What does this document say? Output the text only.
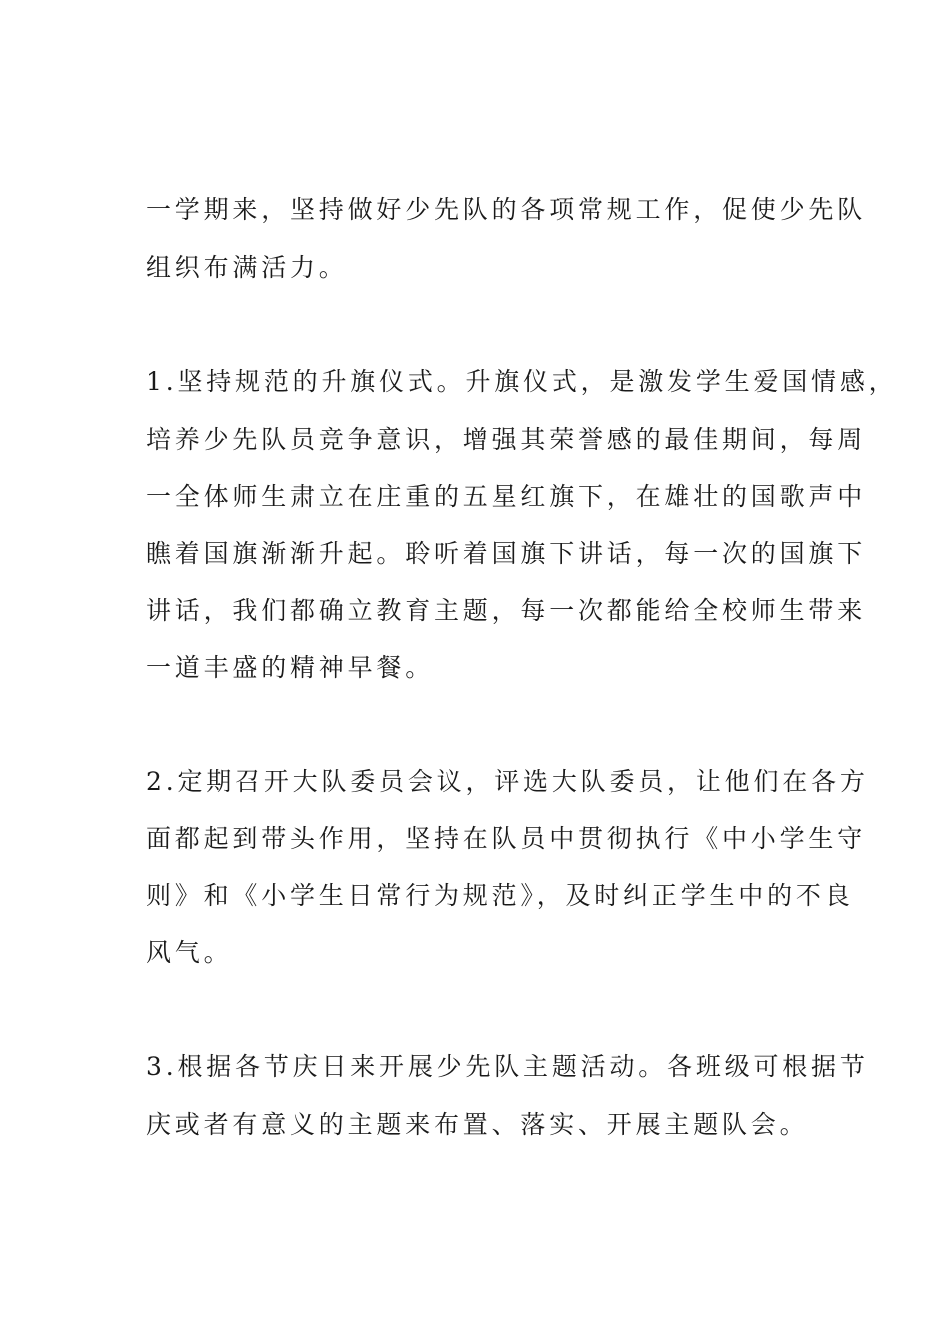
一学期来，坚持做好少先队的各项常规工作，促使少先队

组织布满活力。

1.坚持规范的升旗仪式。升旗仪式，是激发学生爱国情感，

培养少先队员竞争意识，增强其荣誉感的最佳期间，每周

一全体师生肃立在庄重的五星红旗下，在雄壮的国歌声中

瞧着国旗渐渐升起。聆听着国旗下讲话，每一次的国旗下

讲话，我们都确立教育主题，每一次都能给全校师生带来

一道丰盛的精神早餐。

2.定期召开大队委员会议，评选大队委员，让他们在各方

面都起到带头作用，坚持在队员中贯彻执行《中小学生守

则》和《小学生日常行为规范》，及时纠正学生中的不良

风气。

3.根据各节庆日来开展少先队主题活动。各班级可根据节

庆或者有意义的主题来布置、落实、开展主题队会。
